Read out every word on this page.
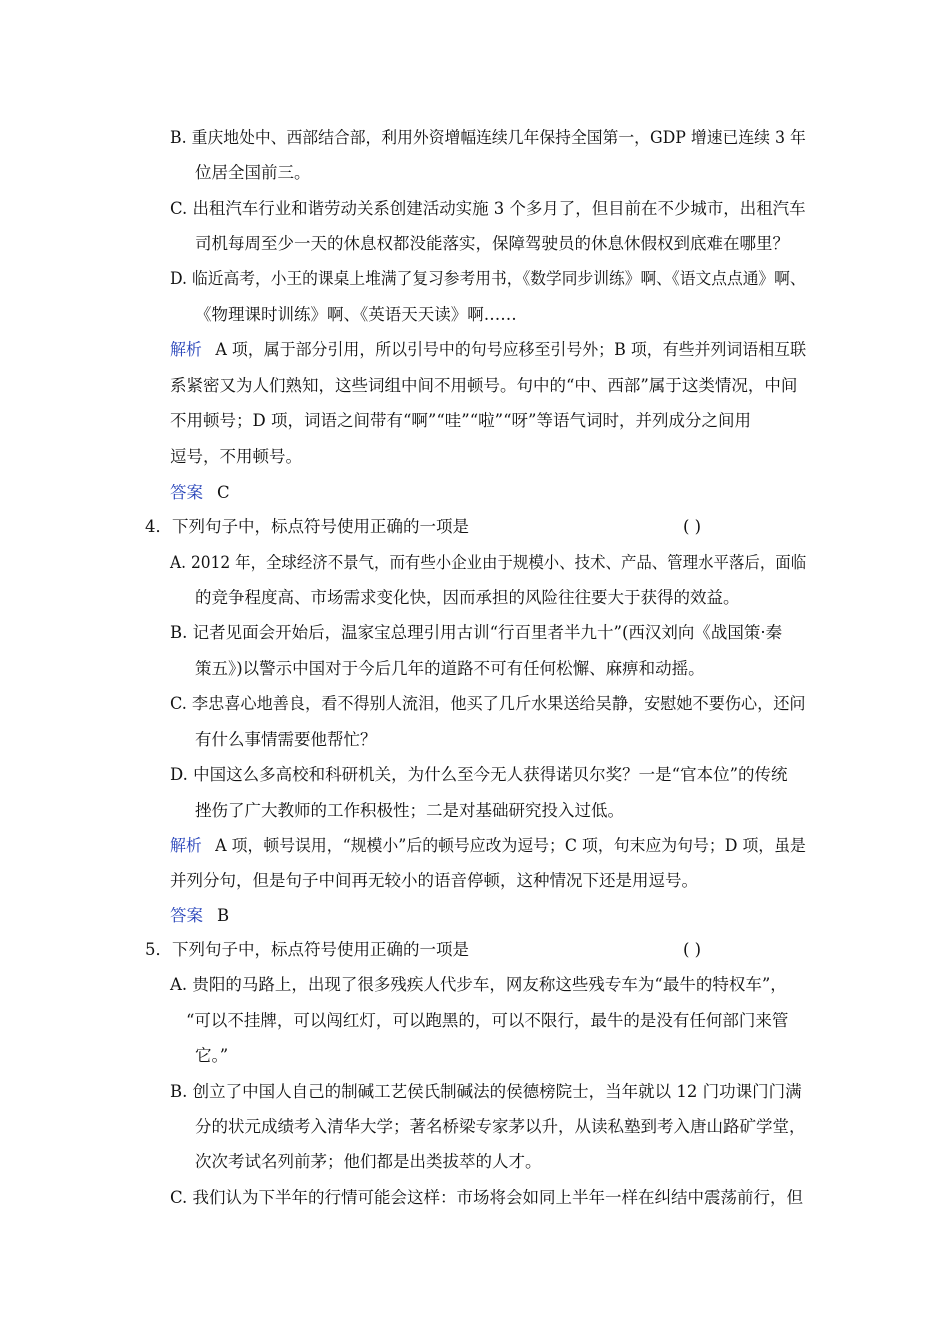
B. 重庆地处中、西部结合部，利用外资增幅连续几年保持全国第一，GDP 增速已连续 3 年
位居全国前三。
C. 出租汽车行业和谐劳动关系创建活动实施 3 个多月了，但目前在不少城市，出租汽车
司机每周至少一天的休息权都没能落实，保障驾驶员的休息休假权到底难在哪里？
D. 临近高考，小王的课桌上堆满了复习参考用书，《数学同步训练》啊、《语文点点通》啊、
《物理课时训练》啊、《英语天天读》啊……
解析 A 项，属于部分引用，所以引号中的句号应移至引号外；B 项，有些并列词语相互联
系紧密又为人们熟知，这些词组中间不用顿号。句中的“中、西部”属于这类情况，中间
不用顿号；D 项，词语之间带有“啊”“哇”“啦”“呀”等语气词时，并列成分之间用
逗号，不用顿号。
答案 C
4．下列句子中，标点符号使用正确的一项是	( )
A. 2012 年，全球经济不景气，而有些小企业由于规模小、技术、产品、管理水平落后，面临
的竞争程度高、市场需求变化快，因而承担的风险往往要大于获得的效益。
B. 记者见面会开始后，温家宝总理引用古训“行百里者半九十”(西汉刘向《战国策·秦
策五》)以警示中国对于今后几年的道路不可有任何松懈、麻痹和动摇。
C. 李忠喜心地善良，看不得别人流泪，他买了几斤水果送给吴静，安慰她不要伤心，还问
有什么事情需要他帮忙？
D. 中国这么多高校和科研机关，为什么至今无人获得诺贝尔奖？一是“官本位”的传统
挫伤了广大教师的工作积极性；二是对基础研究投入过低。
解析 A 项，顿号误用，“规模小”后的顿号应改为逗号；C 项，句末应为句号；D 项，虽是
并列分句，但是句子中间再无较小的语音停顿，这种情况下还是用逗号。
答案 B
5．下列句子中，标点符号使用正确的一项是	( )
A. 贵阳的马路上，出现了很多残疾人代步车，网友称这些残专车为“最牛的特权车”，
“可以不挂牌，可以闯红灯，可以跑黑的，可以不限行，最牛的是没有任何部门来管
它。”
B. 创立了中国人自己的制碱工艺侯氏制碱法的侯德榜院士，当年就以 12 门功课门门满
分的状元成绩考入清华大学；著名桥梁专家茅以升，从读私塾到考入唐山路矿学堂，
次次考试名列前茅；他们都是出类拔萃的人才。
C. 我们认为下半年的行情可能会这样：市场将会如同上半年一样在纠结中震荡前行，但
